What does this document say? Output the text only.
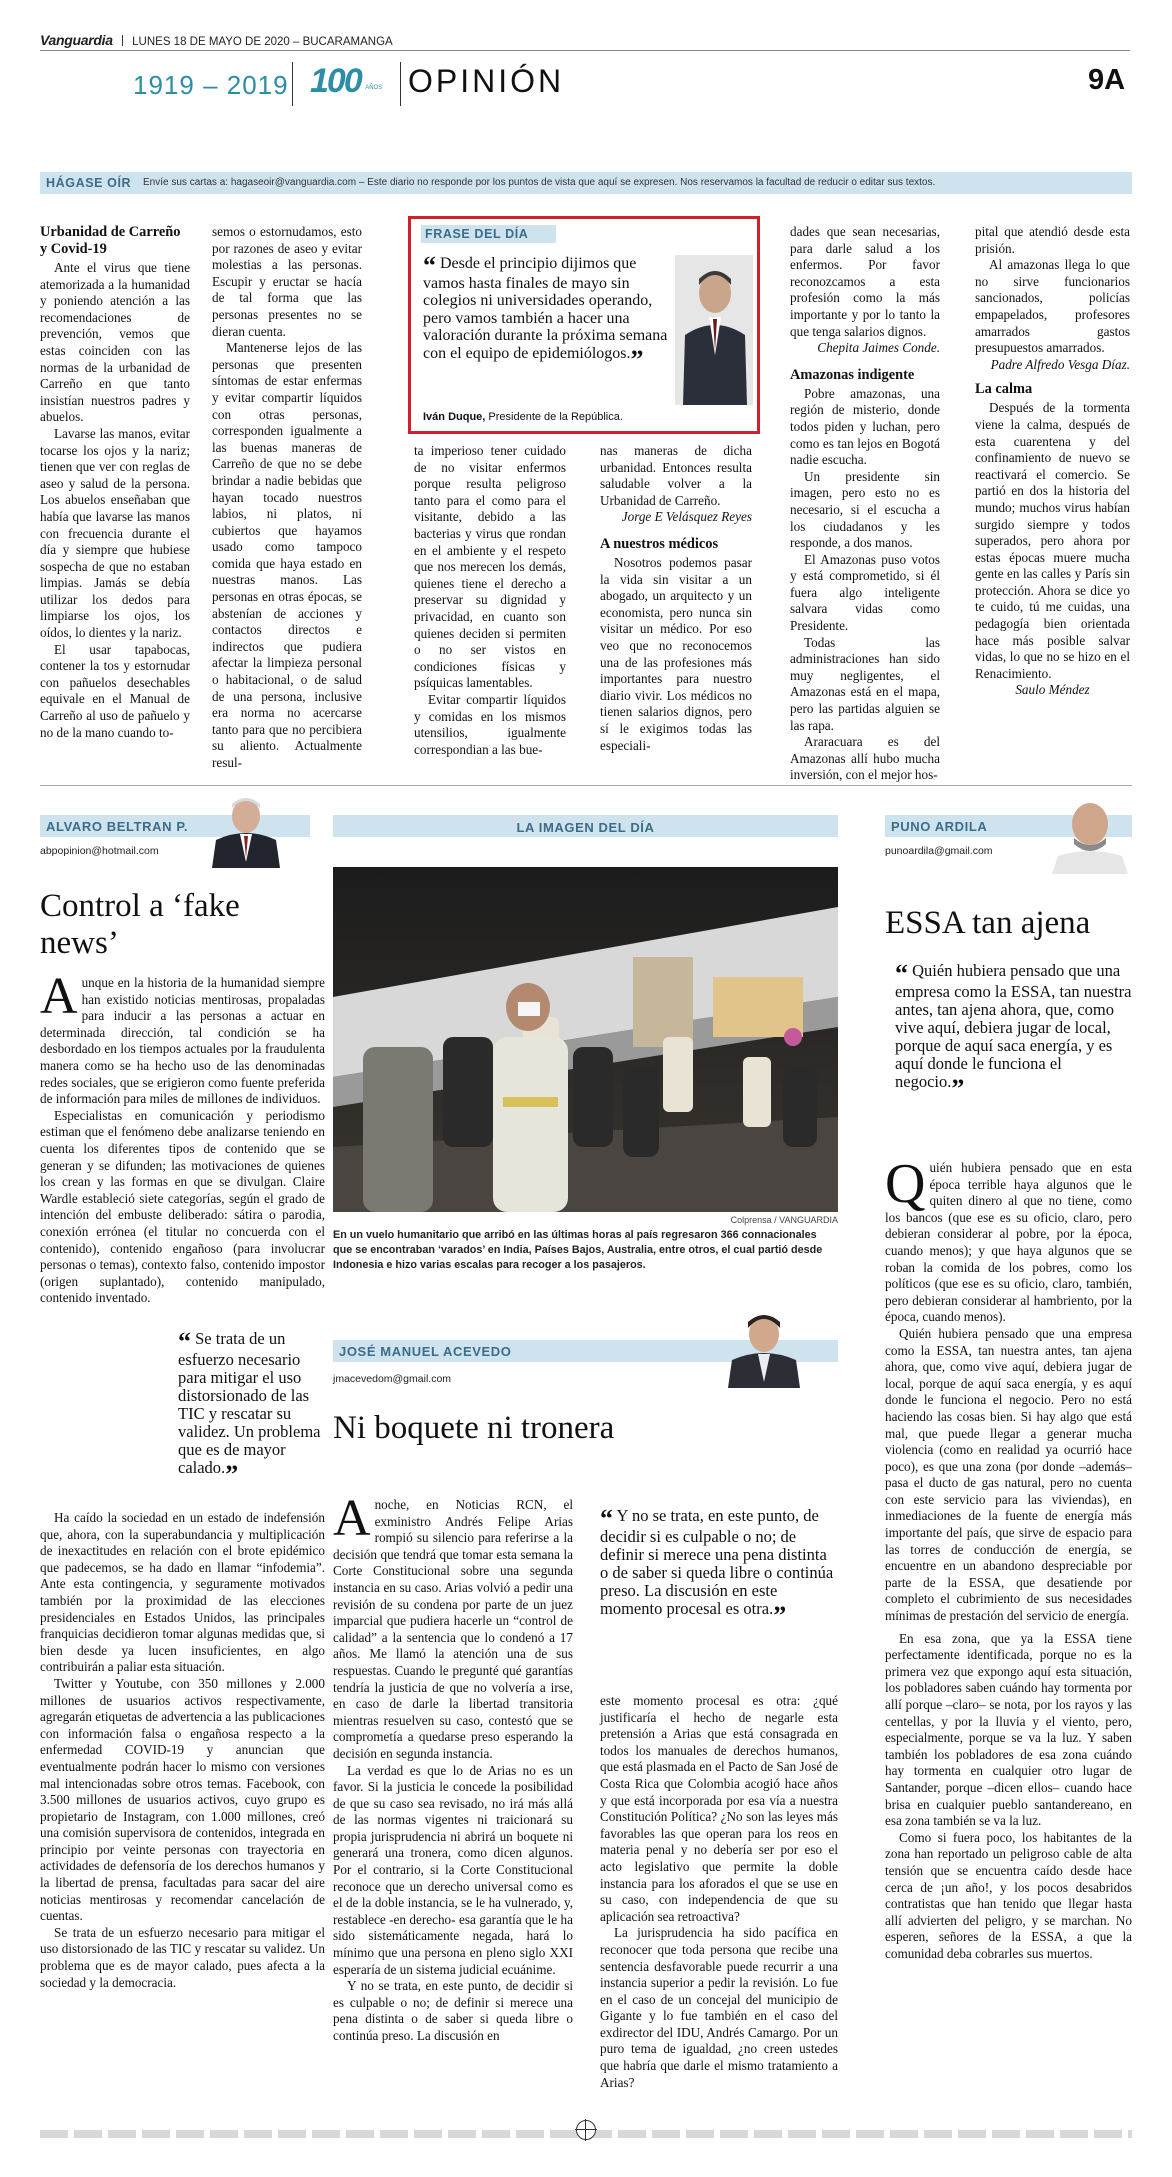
Vanguardia LUNES 18 DE MAYO DE 2020 – BUCARAMANGA
1919 – 2019 100 AÑOS OPINIÓN	9A
HÁGASE OÍR Envíe sus cartas a: hagaseoir@vanguardia.com – Este diario no responde por los puntos de vista que aquí se expresen. Nos reservamos la facultad de reducir o editar sus textos.
Urbanidad de Carreño y Covid-19

Ante el virus que tiene atemorizada a la humanidad y poniendo atención a las recomendaciones de prevención, vemos que estas coinciden con las normas de la urbanidad de Carreño en que tanto insistían nuestros padres y abuelos.

Lavarse las manos, evitar tocarse los ojos y la nariz; tienen que ver con reglas de aseo y salud de la persona. Los abuelos enseñaban que había que lavarse las manos con frecuencia durante el día y siempre que hubiese sospecha de que no estaban limpias. Jamás se debía utilizar los dedos para limpiarse los ojos, los oídos, lo dientes y la nariz.

El usar tapabocas, contener la tos y estornudar con pañuelos desechables equivale en el Manual de Carreño al uso de pañuelo y no de la mano cuando to-

semos o estornudamos, esto por razones de aseo y evitar molestias a las personas. Escupir y eructar se hacía de tal forma que las personas presentes no se dieran cuenta.

Mantenerse lejos de las personas que presenten síntomas de estar enfermas y evitar compartir líquidos con otras personas, corresponden igualmente a las buenas maneras de Carreño de que no se debe brindar a nadie bebidas que hayan tocado nuestros labios, ni platos, ni cubiertos que hayamos usado como tampoco comida que haya estado en nuestras manos. Las personas en otras épocas, se abstenían de acciones y contactos directos e indirectos que pudiera afectar la limpieza personal o habitacional, o de salud de una persona, inclusive era norma no acercarse tanto para que no percibiera su aliento. Actualmente resul-

FRASE DEL DÍA
“ Desde el principio dijimos que vamos hasta finales de mayo sin colegios ni universidades operando, pero vamos también a hacer una valoración durante la próxima semana con el equipo de epidemiólogos.”
Iván Duque, Presidente de la República.

ta imperioso tener cuidado de no visitar enfermos porque resulta peligroso tanto para el como para el visitante, debido a las bacterias y virus que rondan en el ambiente y el respeto que nos merecen los demás, quienes tiene el derecho a preservar su dignidad y privacidad, en cuanto son quienes deciden si permiten o no ser vistos en condiciones físicas y psíquicas lamentables.

Evitar compartir líquidos y comidas en los mismos utensilios, igualmente correspondian a las bue-

nas maneras de dicha urbanidad. Entonces resulta saludable volver a la Urbanidad de Carreño.

Jorge E Velásquez Reyes

A nuestros médicos

Nosotros podemos pasar la vida sin visitar a un abogado, un arquitecto y un economista, pero nunca sin visitar un médico. Por eso veo que no reconocemos una de las profesiones más importantes para nuestro diario vivir. Los médicos no tienen salarios dignos, pero sí le exigimos todas las especiali-

dades que sean necesarias, para darle salud a los enfermos. Por favor reconozcamos a esta profesión como la más importante y por lo tanto la que tenga salarios dignos.

Chepita Jaimes Conde.

Amazonas indigente

Pobre amazonas, una región de misterio, donde todos piden y luchan, pero como es tan lejos en Bogotá nadie escucha.

Un presidente sin imagen, pero esto no es necesario, si el escucha a los ciudadanos y les responde, a dos manos.

El Amazonas puso votos y está comprometido, si él fuera algo inteligente salvara vidas como Presidente.

Todas las administraciones han sido muy negligentes, el Amazonas está en el mapa, pero las partidas alguien se las rapa.

Araracuara es del Amazonas allí hubo mucha inversión, con el mejor hos-

pital que atendió desde esta prisión.

Al amazonas llega lo que no sirve funcionarios sancionados, policías empapelados, profesores amarrados gastos presupuestos amarrados.

Padre Alfredo Vesga Díaz.

La calma

Después de la tormenta viene la calma, después de esta cuarentena y del confinamiento de nuevo se reactivará el comercio. Se partió en dos la historia del mundo; muchos virus habían surgido siempre y todos superados, pero ahora por estas épocas muere mucha gente en las calles y París sin protección. Ahora se dice yo te cuido, tú me cuidas, una pedagogía bien orientada hace más posible salvar vidas, lo que no se hizo en el Renacimiento.

Saulo Méndez

ALVARO BELTRAN P.
abpopinion@hotmail.com
Control a ‘fake news’

Aunque en la historia de la humanidad siempre han existido noticias mentirosas, propaladas para inducir a las personas a actuar en determinada dirección, tal condición se ha desbordado en los tiempos actuales por la fraudulenta manera como se ha hecho uso de las denominadas redes sociales, que se erigieron como fuente preferida de información para miles de millones de individuos.

Especialistas en comunicación y periodismo estiman que el fenómeno debe analizarse teniendo en cuenta los diferentes tipos de contenido que se generan y se difunden; las motivaciones de quienes los crean y las formas en que se divulgan. Claire Wardle estableció siete categorías, según el grado de intención del embuste deliberado: sátira o parodia, conexión errónea (el titular no concuerda con el contenido), contenido engañoso (para involucrar personas o temas), contexto falso, contenido impostor (origen suplantado), contenido manipulado, contenido inventado.

“ Se trata de un esfuerzo necesario para mitigar el uso distorsionado de las TIC y rescatar su validez. Un problema que es de mayor calado.”

Ha caído la sociedad en un estado de indefensión que, ahora, con la superabundancia y multiplicación de inexactitudes en relación con el brote epidémico que padecemos, se ha dado en llamar “infodemia”. Ante esta contingencia, y seguramente motivados también por la proximidad de las elecciones presidenciales en Estados Unidos, las principales franquicias decidieron tomar algunas medidas que, si bien desde ya lucen insuficientes, en algo contribuirán a paliar esta situación.

Twitter y Youtube, con 350 millones y 2.000 millones de usuarios activos respectivamente, agregarán etiquetas de advertencia a las publicaciones con información falsa o engañosa respecto a la enfermedad COVID-19 y anuncian que eventualmente podrán hacer lo mismo con versiones mal intencionadas sobre otros temas. Facebook, con 3.500 millones de usuarios activos, cuyo grupo es propietario de Instagram, con 1.000 millones, creó una comisión supervisora de contenidos, integrada en principio por veinte personas con trayectoria en actividades de defensoría de los derechos humanos y la libertad de prensa, facultadas para sacar del aire noticias mentirosas y recomendar cancelación de cuentas.

Se trata de un esfuerzo necesario para mitigar el uso distorsionado de las TIC y rescatar su validez. Un problema que es de mayor calado, pues afecta a la sociedad y la democracia.

$_{LA IMAGEN DEL DÍA}$
Colprensa / VANGUARDIA
En un vuelo humanitario que arribó en las últimas horas al país regresaron 366 connacionales que se encontraban ‘varados’ en India, Países Bajos, Australia, entre otros, el cual partió desde Indonesia e hizo varias escalas para recoger a los pasajeros.
JOSÉ MANUEL ACEVEDO
jmacevedom@gmail.com
Ni boquete ni tronera

Anoche, en Noticias RCN, el exministro Andrés Felipe Arias rompió su silencio para referirse a la decisión que tendrá que tomar esta semana la Corte Constitucional sobre una segunda instancia en su caso. Arias volvió a pedir una revisión de su condena por parte de un juez imparcial que pudiera hacerle un “control de calidad” a la sentencia que lo condenó a 17 años. Me llamó la atención una de sus respuestas. Cuando le pregunté qué garantías tendría la justicia de que no volvería a irse, en caso de darle la libertad transitoria mientras resuelven su caso, contestó que se comprometía a quedarse preso esperando la decisión en segunda instancia.

La verdad es que lo de Arias no es un favor. Si la justicia le concede la posibilidad de que su caso sea revisado, no irá más allá de las normas vigentes ni traicionará su propia jurisprudencia ni abrirá un boquete ni generará una tronera, como dicen algunos. Por el contrario, si la Corte Constitucional reconoce que un derecho universal como es el de la doble instancia, se le ha vulnerado, y, restablece -en derecho- esa garantía que le ha sido sistemáticamente negada, hará lo mínimo que una persona en pleno siglo XXI esperaría de un sistema judicial ecuánime.

Y no se trata, en este punto, de decidir si es culpable o no; de definir si merece una pena distinta o de saber si queda libre o continúa preso. La discusión en

“ Y no se trata, en este punto, de decidir si es culpable o no; de definir si merece una pena distinta o de saber si queda libre o continúa preso. La discusión en este momento procesal es otra.”

este momento procesal es otra: ¿qué justificaría el hecho de negarle esta pretensión a Arias que está consagrada en todos los manuales de derechos humanos, que está plasmada en el Pacto de San José de Costa Rica que Colombia acogió hace años y que está incorporada por esa vía a nuestra Constitución Política? ¿No son las leyes más favorables las que operan para los reos en materia penal y no debería ser por eso el acto legislativo que permite la doble instancia para los aforados el que se use en su caso, con independencia de que su aplicación sea retroactiva?

La jurisprudencia ha sido pacífica en reconocer que toda persona que recibe una sentencia desfavorable puede recurrir a una instancia superior a pedir la revisión. Lo fue en el caso de un concejal del municipio de Gigante y lo fue también en el caso del exdirector del IDU, Andrés Camargo. Por un puro tema de igualdad, ¿no creen ustedes que habría que darle el mismo tratamiento a Arias?

PUNO ARDILA
punoardila@gmail.com
ESSA tan ajena
“ Quién hubiera pensado que una empresa como la ESSA, tan nuestra antes, tan ajena ahora, que, como vive aquí, debiera jugar de local, porque de aquí saca energía, y es aquí donde le funciona el negocio.”

Quién hubiera pensado que en esta época terrible haya algunos que le quiten dinero al que no tiene, como los bancos (que ese es su oficio, claro, pero debieran considerar al pobre, por la época, cuando menos); y que haya algunos que se roban la comida de los pobres, como los políticos (que ese es su oficio, claro, también, pero debieran considerar al hambriento, por la época, cuando menos).

Quién hubiera pensado que una empresa como la ESSA, tan nuestra antes, tan ajena ahora, que, como vive aquí, debiera jugar de local, porque de aquí saca energía, y es aquí donde le funciona el negocio. Pero no está haciendo las cosas bien. Si hay algo que está mal, que puede llegar a generar mucha violencia (como en realidad ya ocurrió hace poco), es que una zona (por donde –además– pasa el ducto de gas natural, pero no cuenta con este servicio para las viviendas), en inmediaciones de la fuente de energía más importante del país, que sirve de espacio para las torres de conducción de energía, se encuentre en un abandono despreciable por parte de la ESSA, que desatiende por completo el cubrimiento de sus necesidades mínimas de prestación del servicio de energía.

En esa zona, que ya la ESSA tiene perfectamente identificada, porque no es la primera vez que expongo aquí esta situación, los pobladores saben cuándo hay tormenta por allí porque –claro– se nota, por los rayos y las centellas, y por la lluvia y el viento, pero, especialmente, porque se va la luz. Y saben también los pobladores de esa zona cuándo hay tormenta en cualquier otro lugar de Santander, porque –dicen ellos– cuando hace brisa en cualquier pueblo santandereano, en esa zona también se va la luz.

Como si fuera poco, los habitantes de la zona han reportado un peligroso cable de alta tensión que se encuentra caído desde hace cerca de ¡un año!, y los pocos desabridos contratistas que han tenido que llegar hasta allí advierten del peligro, y se marchan. No esperen, señores de la ESSA, a que la comunidad deba cobrarles sus muertos.
